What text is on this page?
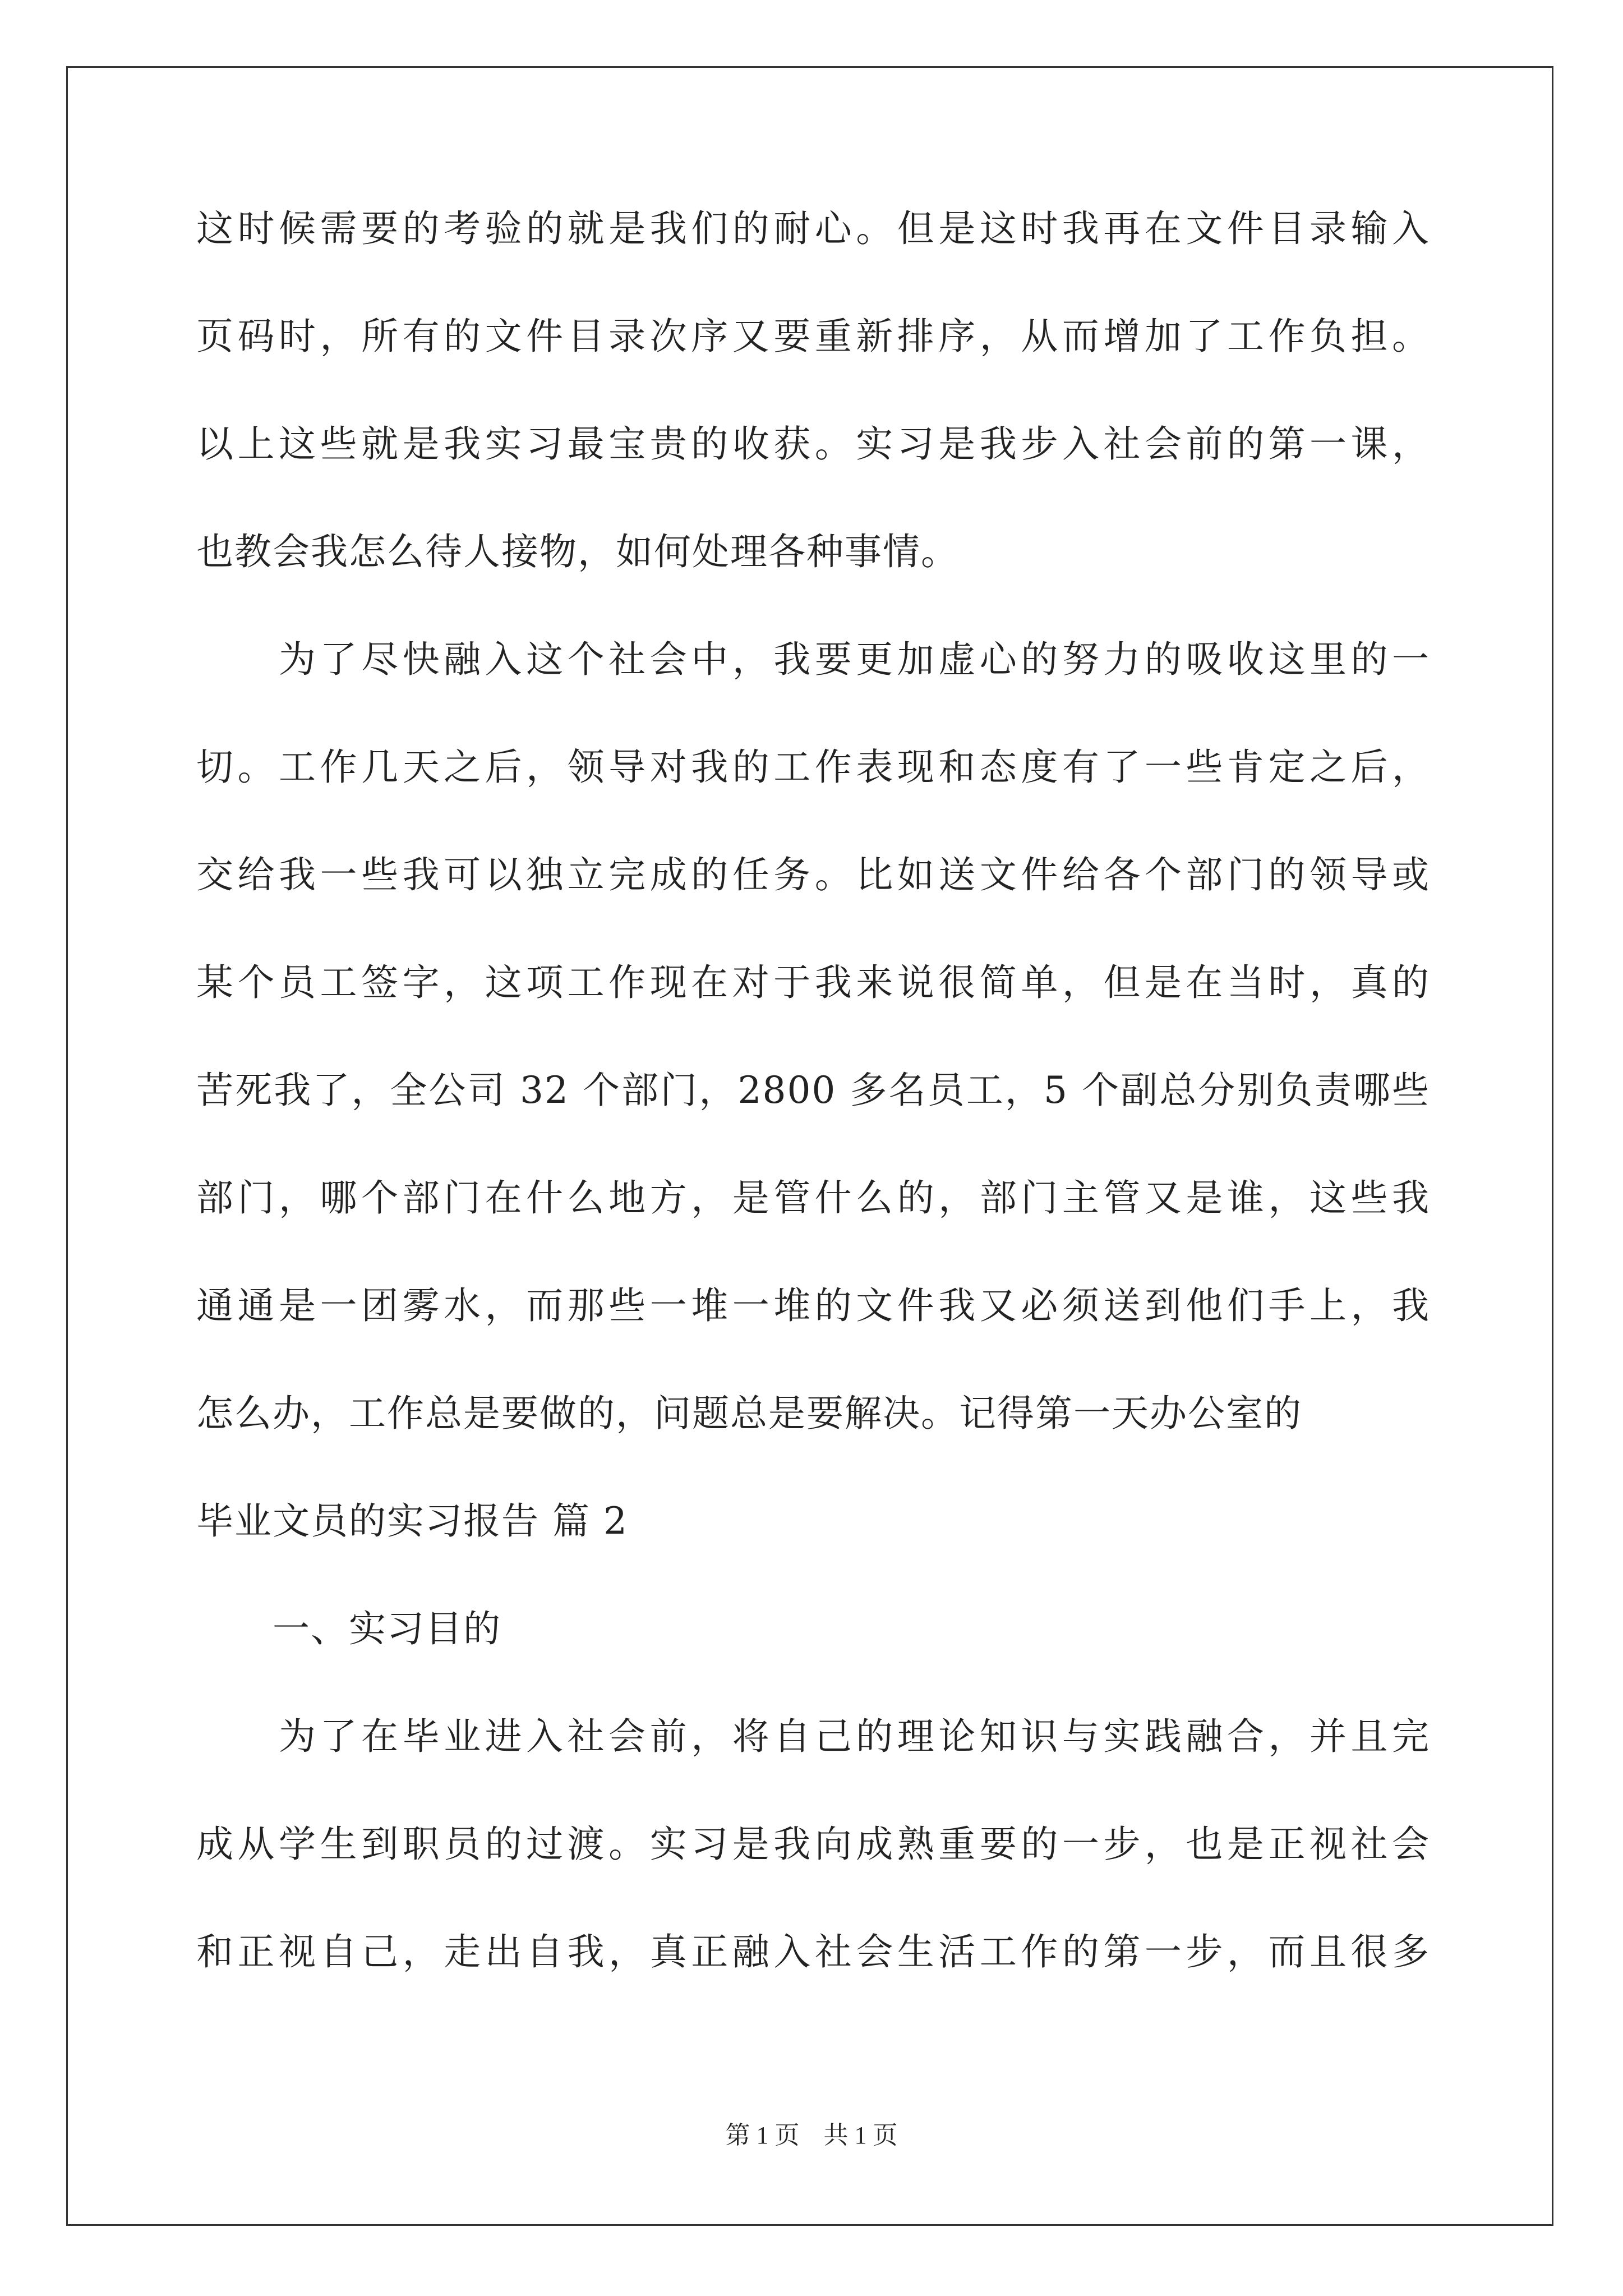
这时候需要的考验的就是我们的耐心。但是这时我再在文件目录输入
页码时，所有的文件目录次序又要重新排序，从而增加了工作负担。
以上这些就是我实习最宝贵的收获。实习是我步入社会前的第一课，
也教会我怎么待人接物，如何处理各种事情。
　　为了尽快融入这个社会中，我要更加虚心的努力的吸收这里的一
切。工作几天之后，领导对我的工作表现和态度有了一些肯定之后，
交给我一些我可以独立完成的任务。比如送文件给各个部门的领导或
某个员工签字，这项工作现在对于我来说很简单，但是在当时，真的
苦死我了，全公司 32 个部门，2800 多名员工，5 个副总分别负责哪些
部门，哪个部门在什么地方，是管什么的，部门主管又是谁，这些我
通通是一团雾水，而那些一堆一堆的文件我又必须送到他们手上，我
怎么办，工作总是要做的，问题总是要解决。记得第一天办公室的
毕业文员的实习报告 篇 2
　　一、实习目的
　　为了在毕业进入社会前，将自己的理论知识与实践融合，并且完
成从学生到职员的过渡。实习是我向成熟重要的一步，也是正视社会
和正视自己，走出自我，真正融入社会生活工作的第一步，而且很多
第 1 页 共 1 页
